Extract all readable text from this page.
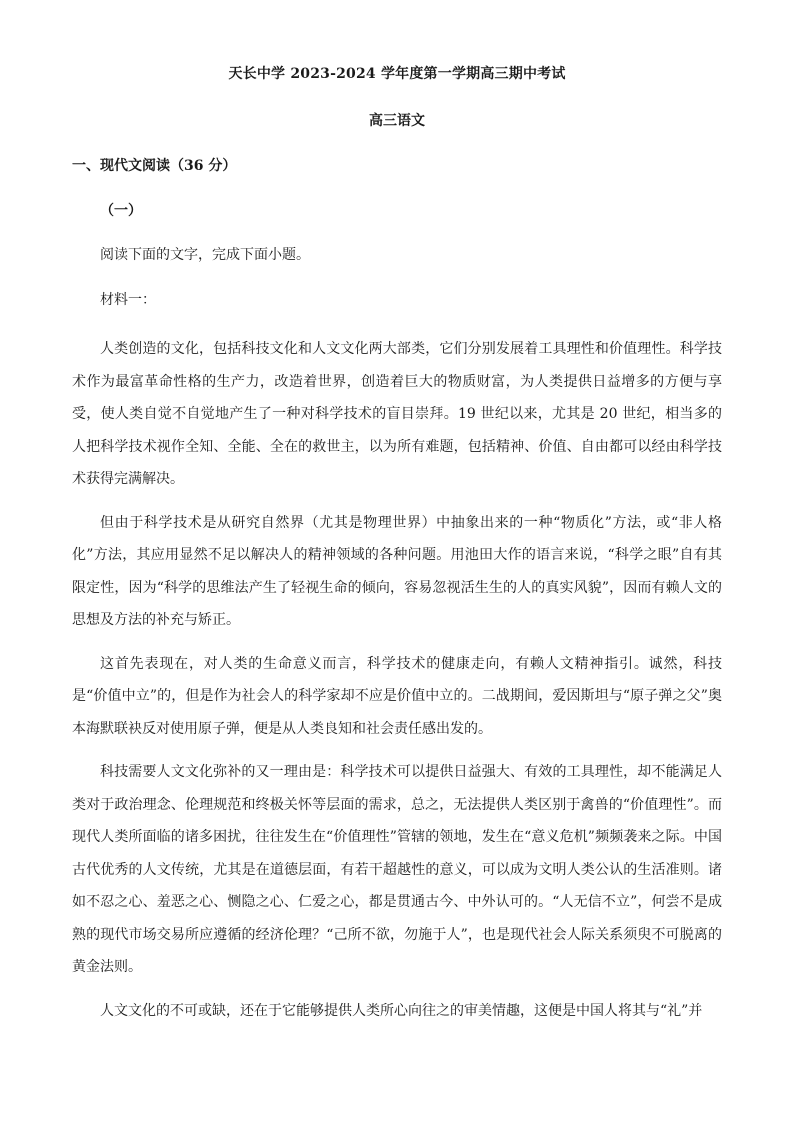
天长中学 2023-2024 学年度第一学期高三期中考试
高三语文
一、现代文阅读（36 分）
（一）
阅读下面的文字，完成下面小题。
材料一：

人类创造的文化，包括科技文化和人文文化两大部类，它们分别发展着工具理性和价值理性。科学技术作为最富革命性格的生产力，改造着世界，创造着巨大的物质财富，为人类提供日益增多的方便与享受，使人类自觉不自觉地产生了一种对科学技术的盲目崇拜。19 世纪以来，尤其是 20 世纪，相当多的人把科学技术视作全知、全能、全在的救世主，以为所有难题，包括精神、价值、自由都可以经由科学技术获得完满解决。

但由于科学技术是从研究自然界（尤其是物理世界）中抽象出来的一种“物质化”方法，或“非人格化”方法，其应用显然不足以解决人的精神领域的各种问题。用池田大作的语言来说，“科学之眼”自有其限定性，因为“科学的思维法产生了轻视生命的倾向，容易忽视活生生的人的真实风貌”，因而有赖人文的思想及方法的补充与矫正。

这首先表现在，对人类的生命意义而言，科学技术的健康走向，有赖人文精神指引。诚然，科技是“价值中立”的，但是作为社会人的科学家却不应是价值中立的。二战期间，爱因斯坦与“原子弹之父”奥本海默联袂反对使用原子弹，便是从人类良知和社会责任感出发的。

科技需要人文文化弥补的又一理由是：科学技术可以提供日益强大、有效的工具理性，却不能满足人类对于政治理念、伦理规范和终极关怀等层面的需求，总之，无法提供人类区别于禽兽的“价值理性”。而现代人类所面临的诸多困扰，往往发生在“价值理性”管辖的领地，发生在“意义危机”频频袭来之际。中国古代优秀的人文传统，尤其是在道德层面，有若干超越性的意义，可以成为文明人类公认的生活准则。诸如不忍之心、羞恶之心、恻隐之心、仁爱之心，都是贯通古今、中外认可的。“人无信不立”，何尝不是成熟的现代市场交易所应遵循的经济伦理？“己所不欲，勿施于人”，也是现代社会人际关系须臾不可脱离的黄金法则。

人文文化的不可或缺，还在于它能够提供人类所心向往之的审美情趣，这便是中国人将其与“礼”并
